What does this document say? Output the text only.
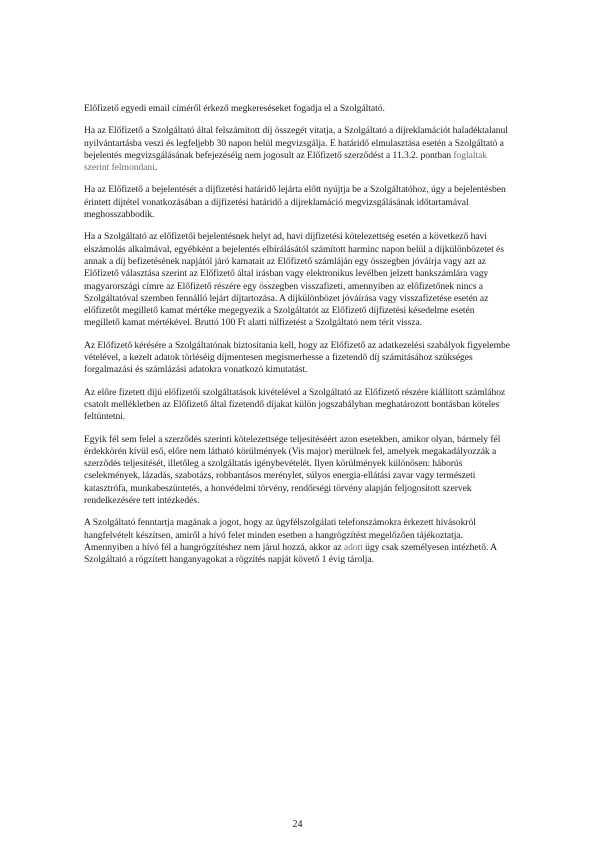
Előfizető egyedi email címéről érkező megkereséseket fogadja el a Szolgáltató.

Ha az Előfizető a Szolgáltató által felszámított díj összegét vitatja, a Szolgáltató a díjreklamációt haladéktalanul nyilvántartásba veszi és legfeljebb 30 napon belül megvizsgálja. E határidő elmulasztása esetén a Szolgáltató a bejelentés megvizsgálásának befejezéséig nem jogosult az Előfizető szerződést a 11.3.2. pontban foglaltak szerint felmondani.

Ha az Előfizető a bejelentését a díjfizetési határidő lejárta előtt nyújtja be a Szolgáltatóhoz, úgy a bejelentésben érintett díjtétel vonatkozásában a díjfizetési határidő a díjreklamáció megvizsgálásának időtartamával meghosszabbodik.

Ha a Szolgáltató az előfizetői bejelentésnek helyt ad, havi díjfizetési kötelezettség esetén a következő havi elszámolás alkalmával, egyébként a bejelentés elbírálásától számított harminc napon belül a díjkülönbözetet és annak a díj befizetésének napjától járó kamatait az Előfizető számláján egy összegben jóváírja vagy azt az Előfizető választása szerint az Előfizető által írásban vagy elektronikus levélben jelzett bankszámlára vagy magyarországi címre az Előfizető részére egy összegben visszafizeti, amennyiben az előfizetőnek nincs a Szolgáltatóval szemben fennálló lejárt díjtartozása. A díjkülönbözet jóváírása vagy visszafizetése esetén az előfizetőt megillető kamat mértéke megegyezik a Szolgáltatót az Előfizető díjfizetési késedelme esetén megillető kamat mértékével. Bruttó 100 Ft alatti túlfizetést a Szolgáltató nem térít vissza.

Az Előfizető kérésére a Szolgáltatónak biztosítania kell, hogy az Előfizető az adatkezelési szabályok figyelembe vételével, a kezelt adatok törléséig díjmentesen megismerhesse a fizetendő díj számításához szükséges forgalmazási és számlázási adatokra vonatkozó kimutatást.

Az előre fizetett díjú előfizetői szolgáltatások kivételével a Szolgáltató az Előfizető részére kiállított számlához csatolt mellékletben az Előfizető által fizetendő díjakat külön jogszabályban meghatározott bontásban köteles feltüntetni.

Egyik fél sem felel a szerződés szerinti kötelezettsége teljesítéséért azon esetekben, amikor olyan, bármely fél érdekkörén kívül eső, előre nem látható körülmények (Vis major) merülnek fel, amelyek megakadályozzák a szerződés teljesítését, illetőleg a szolgáltatás igénybevételét. Ilyen körülmények különösen: háborús cselekmények, lázadás, szabotázs, robbantásos merénylet, súlyos energia-ellátási zavar vagy természeti katasztrófa, munkabeszüntetés, a honvédelmi törvény, rendőrségi törvény alapján feljogosított szervek rendelkezésére tett intézkedés.

A Szolgáltató fenntartja magának a jogot, hogy az ügyfélszolgálati telefonszámokra érkezett hívásokról hangfelvételt készítsen, amiről a hívó felet minden esetben a hangrögzítést megelőzően tájékoztatja. Amennyiben a hívó fél a hangrögzítéshez nem járul hozzá, akkor az adott ügy csak személyesen intézhető. A Szolgáltató a rögzített hanganyagokat a rögzítés napját követő 1 évig tárolja.

24
